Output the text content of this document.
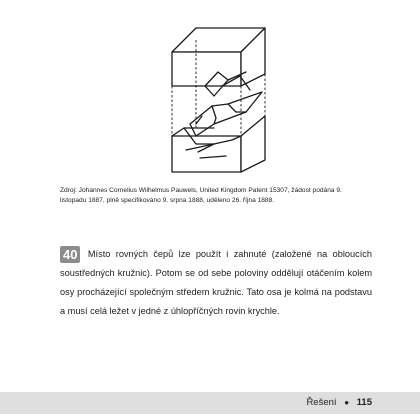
Zdroj: Johannes Cornelius Wilhelmus Pauwels, United Kingdom Patent 15307, žádost podána 9. listopadu 1887, plně specifikováno 9. srpna 1888, uděleno 26. října 1888.
40 Místo rovných čepů lze použít i zahnuté (založené na obloucích soustředných kružnic). Potom se od sebe poloviny oddělují otáčením kolem osy procházející společným středem kružnic. Tato osa je kolmá na podstavu a musí celá ležet v jedné z úhlopříčných rovin krychle.
Řešení ● 115
